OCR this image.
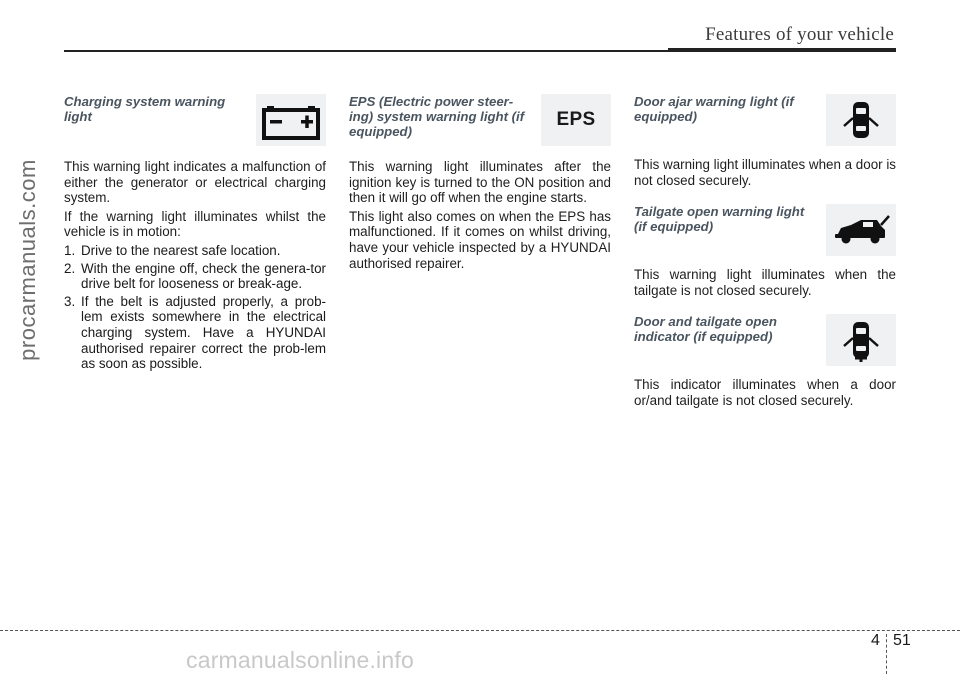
Features of your vehicle
procarmanuals.com
Charging system warning light

This warning light indicates a malfunction of either the generator or electrical charging system.

If the warning light illuminates whilst the vehicle is in motion:

1. Drive to the nearest safe location.
2. With the engine off, check the genera-tor drive belt for looseness or break-age.
3. If the belt is adjusted properly, a prob-lem exists somewhere in the electrical charging system. Have a HYUNDAI authorised repairer correct the prob-lem as soon as possible.
EPS (Electric power steer-ing) system warning light (if equipped)
EPS

This warning light illuminates after the ignition key is turned to the ON position and then it will go off when the engine starts.

This light also comes on when the EPS has malfunctioned. If it comes on whilst driving, have your vehicle inspected by a HYUNDAI authorised repairer.

Door ajar warning light (if equipped)

This warning light illuminates when a door is not closed securely.

Tailgate open warning light (if equipped)

This warning light illuminates when the tailgate is not closed securely.

Door and tailgate open indicator (if equipped)

This indicator illuminates when a door or/and tailgate is not closed securely.

4 51
carmanualsonline.info
